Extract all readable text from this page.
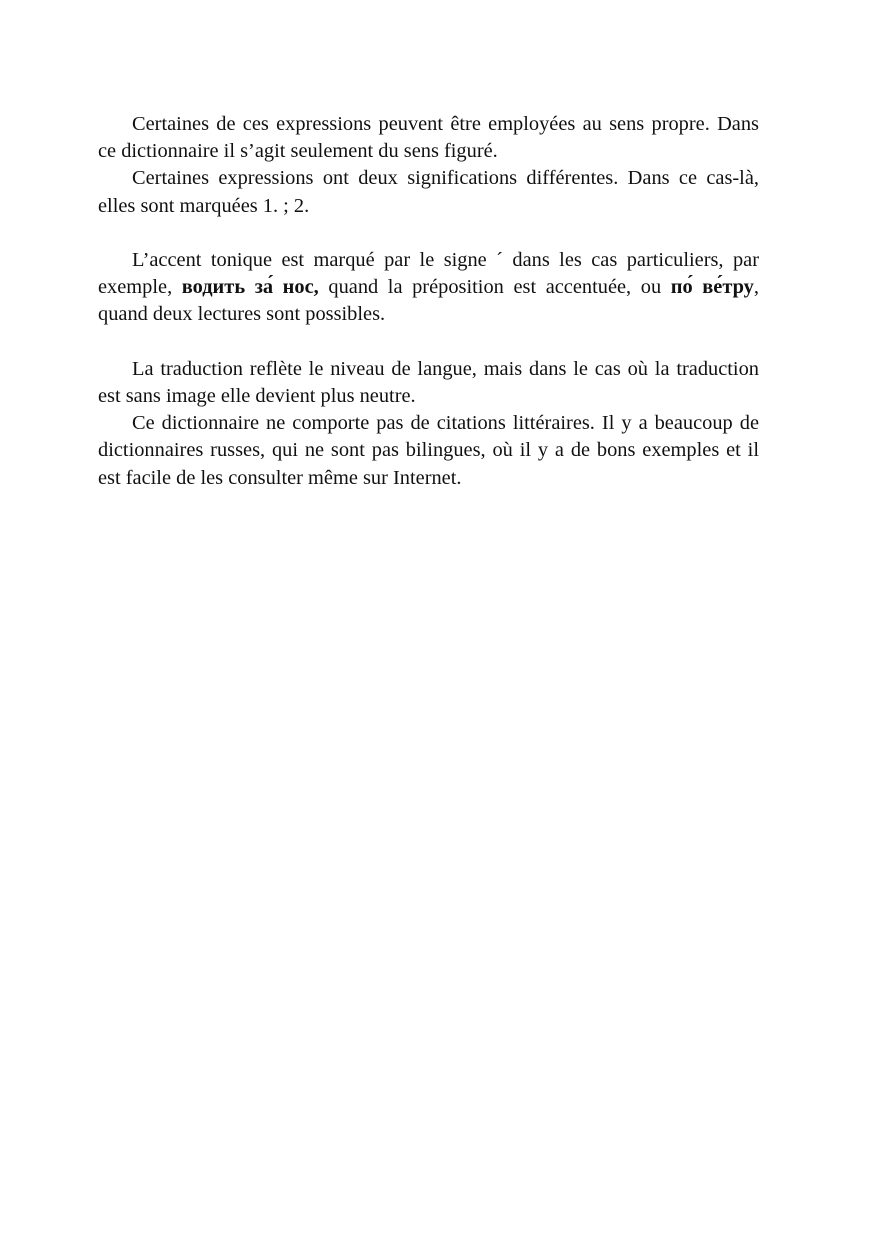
Certaines de ces expressions peuvent être employées au sens propre. Dans ce dictionnaire il s’agit seulement du sens figuré.

Certaines expressions ont deux significations différentes. Dans ce cas-là, elles sont marquées 1. ; 2.

L’accent tonique est marqué par le signe ´ dans les cas particuliers, par exemple, водить за́ нос, quand la préposition est accentuée, ou по́ ве́тру, quand deux lectures sont possibles.

La traduction reflète le niveau de langue, mais dans le cas où la traduction est sans image elle devient plus neutre.

Ce dictionnaire ne comporte pas de citations littéraires. Il y a beaucoup de dictionnaires russes, qui ne sont pas bilingues, où il y a de bons exemples et il est facile de les consulter même sur Internet.
